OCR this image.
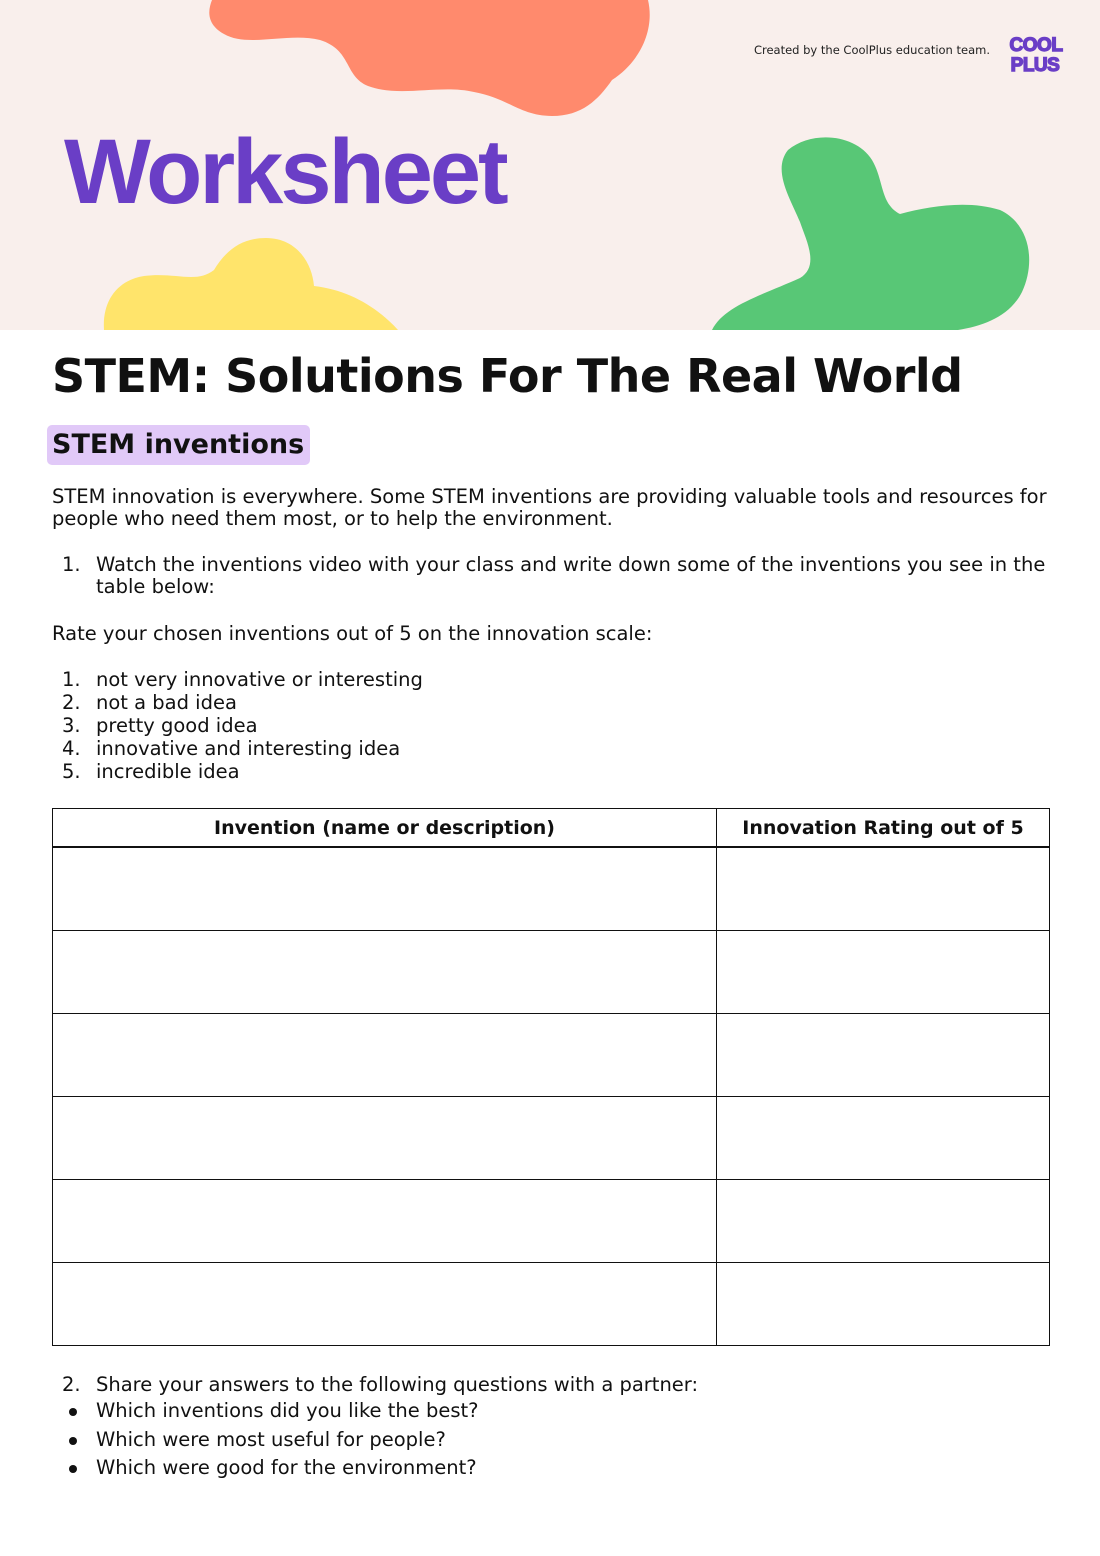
Created by the CoolPlus education team. COOL
PLUS
Worksheet
STEM: Solutions For The Real World
STEM inventions

STEM innovation is everywhere. Some STEM inventions are providing valuable tools and resources for people who need them most, or to help the environment.

1. Watch the inventions video with your class and write down some of the inventions you see in the table below:

Rate your chosen inventions out of 5 on the innovation scale:

1. not very innovative or interesting
2. not a bad idea
3. pretty good idea
4. innovative and interesting idea
5. incredible idea
Invention (name or description)	Innovation Rating out of 5

2. Share your answers to the following questions with a partner:
Which inventions did you like the best?
Which were most useful for people?
Which were good for the environment?
